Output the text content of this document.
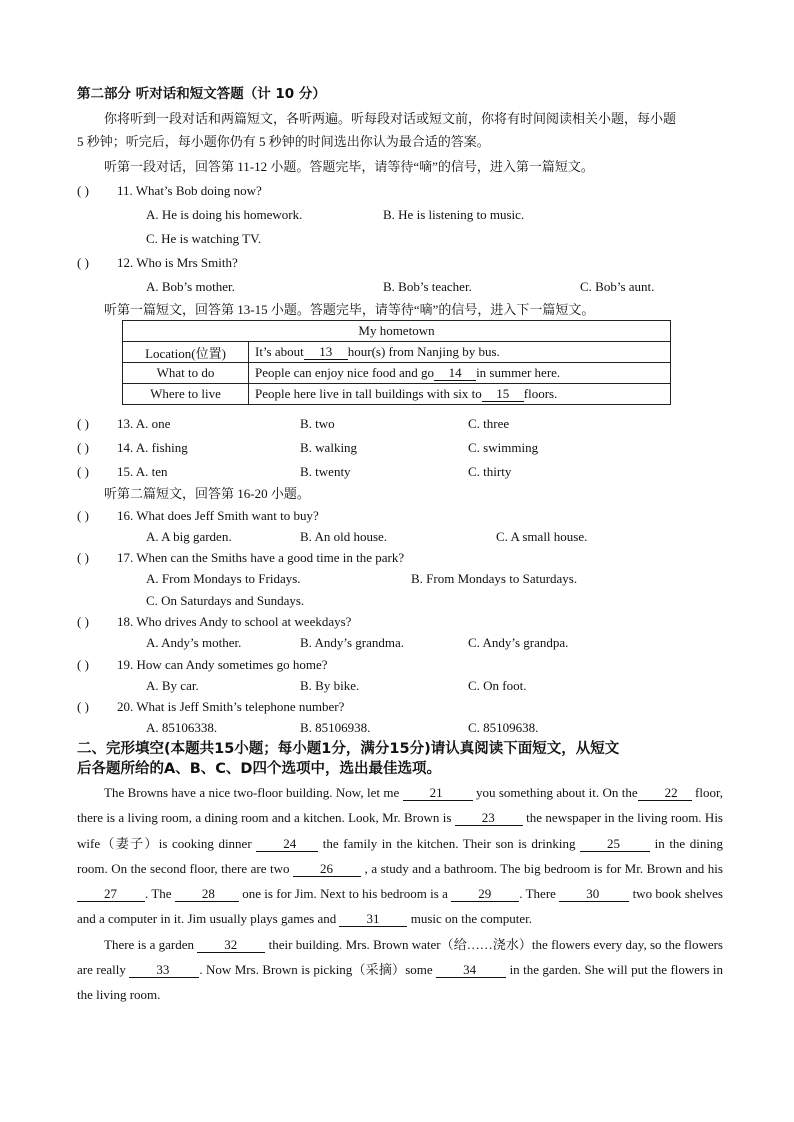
第二部分 听对话和短文答题（计 10 分）
你将听到一段对话和两篇短文，各听两遍。听每段对话或短文前，你将有时间阅读相关小题，每小题
5 秒钟；听完后，每小题你仍有 5 秒钟的时间选出你认为最合适的答案。
听第一段对话，回答第 11-12 小题。答题完毕，请等待“嘀”的信号，进入第一篇短文。
( ) 11. What’s Bob doing now?
A. He is doing his homework.	B. He is listening to music.
C. He is watching TV.
( ) 12. Who is Mrs Smith?
A. Bob’s mother.	B. Bob’s teacher.	C. Bob’s aunt.
听第一篇短文，回答第 13-15 小题。答题完毕，请等待“嘀”的信号，进入下一篇短文。
My hometown	
Location(位置)	It’s about 13 hour(s) from Nanjing by bus.
What to do	People can enjoy nice food and go 14 in summer here.
Where to live	People here live in tall buildings with six to 15 floors.
( ) 13. A. one	B. two	C. three
( ) 14. A. fishing	B. walking	C. swimming
( ) 15. A. ten	B. twenty	C. thirty
听第二篇短文，回答第 16-20 小题。
( ) 16. What does Jeff Smith want to buy?
A. A big garden.	B. An old house.	C. A small house.
( ) 17. When can the Smiths have a good time in the park?
A. From Mondays to Fridays.	B. From Mondays to Saturdays.
C. On Saturdays and Sundays.
( ) 18. Who drives Andy to school at weekdays?
A. Andy’s mother.	B. Andy’s grandma.	C. Andy’s grandpa.
( ) 19. How can Andy sometimes go home?
A. By car.	B. By bike.	C. On foot.
( ) 20. What is Jeff Smith’s telephone number?
A. 85106338.	B. 85106938.	C. 85109638.
二、完形填空(本题共15小题；每小题1分，满分15分)请认真阅读下面短文，从短文
后各题所给的A、B、C、D四个选项中，选出最佳选项。

The Browns have a nice two-floor building. Now, let me 21 you something about it. On the 22 floor, there is a living room, a dining room and a kitchen. Look, Mr. Brown is 23 the newspaper in the living room. His wife（妻子）is cooking dinner 24 the family in the kitchen. Their son is drinking 25 in the dining room. On the second floor, there are two 26 , a study and a bathroom. The big bedroom is for Mr. Brown and his 27 . The 28 one is for Jim. Next to his bedroom is a 29 . There 30 two book shelves and a computer in it. Jim usually plays games and 31 music on the computer.

There is a garden 32 their building. Mrs. Brown water（给……浇水）the flowers every day, so the flowers are really 33 . Now Mrs. Brown is picking（采摘）some 34 in the garden. She will put the flowers in the living room.
